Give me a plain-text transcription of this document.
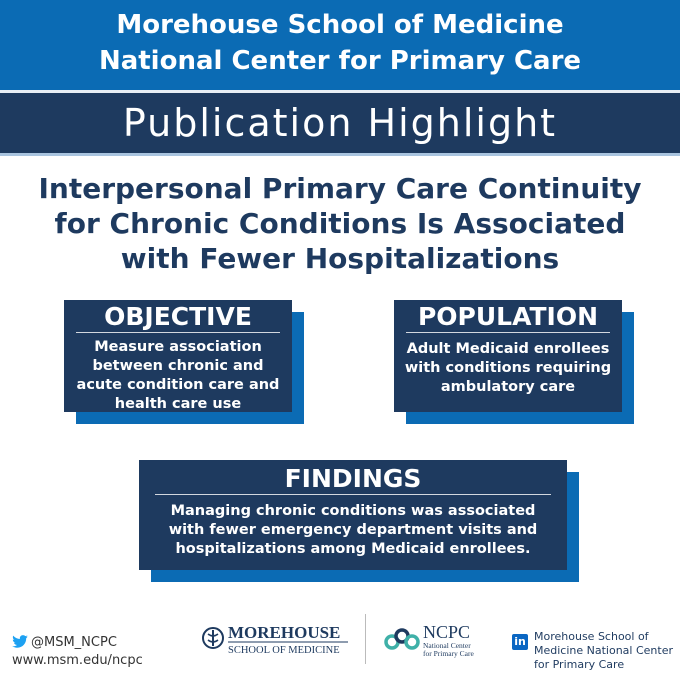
Morehouse School of Medicine
National Center for Primary Care
Publication Highlight
Interpersonal Primary Care Continuity
for Chronic Conditions Is Associated
with Fewer Hospitalizations
OBJECTIVE
Measure association
between chronic and
acute condition care and
health care use
POPULATION
Adult Medicaid enrollees
with conditions requiring
ambulatory care
FINDINGS
Managing chronic conditions was associated
with fewer emergency department visits and
hospitalizations among Medicaid enrollees.
@MSM_NCPC
www.msm.edu/ncpc
MOREHOUSE
SCHOOL OF MEDICINE
NCPC
National Center
for Primary Care
in Morehouse School of
Medicine National Center
for Primary Care
